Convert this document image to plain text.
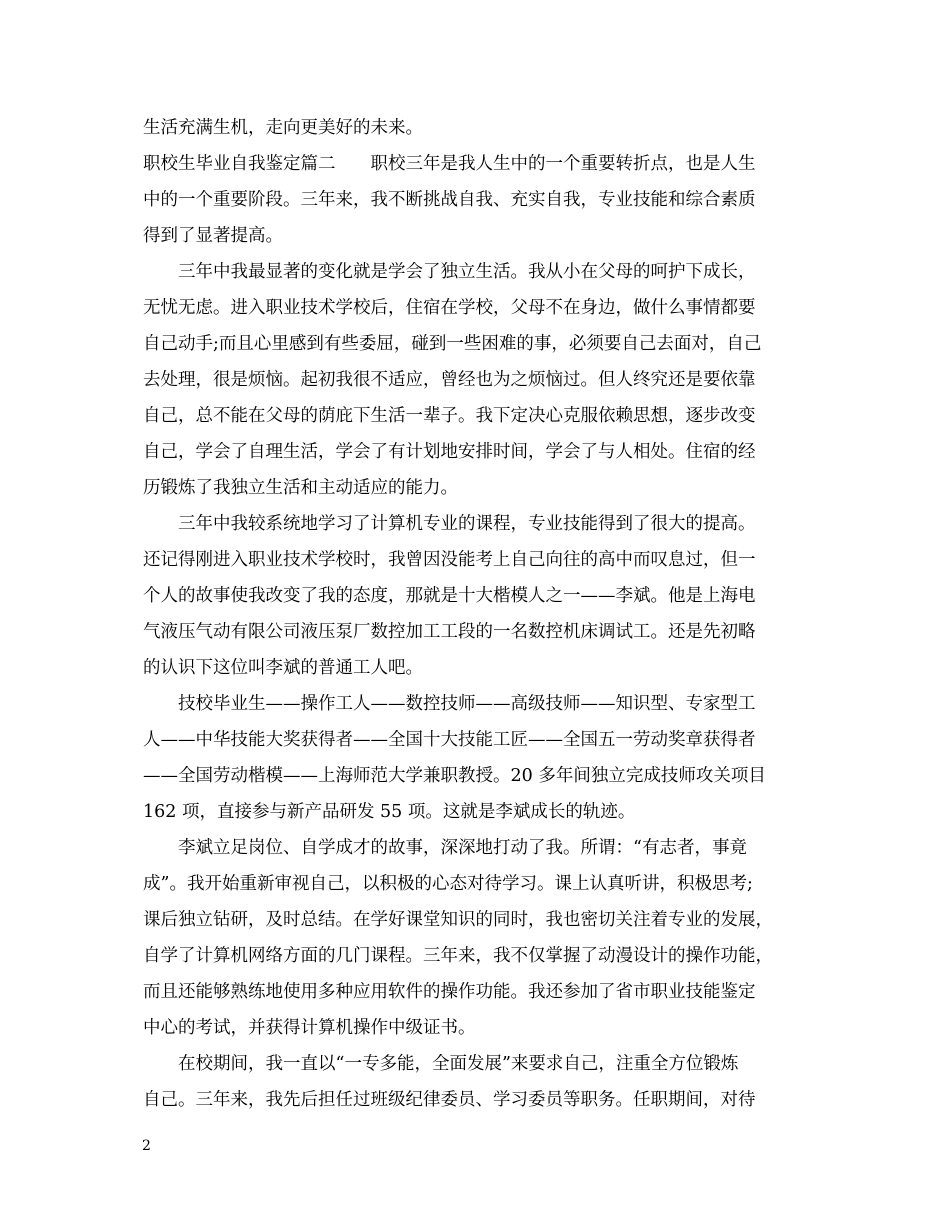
生活充满生机，走向更美好的未来。
职校生毕业自我鉴定篇二　　职校三年是我人生中的一个重要转折点，也是人生
中的一个重要阶段。三年来，我不断挑战自我、充实自我，专业技能和综合素质
得到了显著提高。
　　三年中我最显著的变化就是学会了独立生活。我从小在父母的呵护下成长，
无忧无虑。进入职业技术学校后，住宿在学校，父母不在身边，做什么事情都要
自己动手;而且心里感到有些委屈，碰到一些困难的事，必须要自己去面对，自己
去处理，很是烦恼。起初我很不适应，曾经也为之烦恼过。但人终究还是要依靠
自己，总不能在父母的荫庇下生活一辈子。我下定决心克服依赖思想，逐步改变
自己，学会了自理生活，学会了有计划地安排时间，学会了与人相处。住宿的经
历锻炼了我独立生活和主动适应的能力。
　　三年中我较系统地学习了计算机专业的课程，专业技能得到了很大的提高。
还记得刚进入职业技术学校时，我曾因没能考上自己向往的高中而叹息过，但一
个人的故事使我改变了我的态度，那就是十大楷模人之一——李斌。他是上海电
气液压气动有限公司液压泵厂数控加工工段的一名数控机床调试工。还是先初略
的认识下这位叫李斌的普通工人吧。
　　技校毕业生——操作工人——数控技师——高级技师——知识型、专家型工
人——中华技能大奖获得者——全国十大技能工匠——全国五一劳动奖章获得者
——全国劳动楷模——上海师范大学兼职教授。20 多年间独立完成技师攻关项目
162 项，直接参与新产品研发 55 项。这就是李斌成长的轨迹。
　　李斌立足岗位、自学成才的故事，深深地打动了我。所谓：“有志者，事竟
成”。我开始重新审视自己，以积极的心态对待学习。课上认真听讲，积极思考;
课后独立钻研，及时总结。在学好课堂知识的同时，我也密切关注着专业的发展，
自学了计算机网络方面的几门课程。三年来，我不仅掌握了动漫设计的操作功能，
而且还能够熟练地使用多种应用软件的操作功能。我还参加了省市职业技能鉴定
中心的考试，并获得计算机操作中级证书。
　　在校期间，我一直以“一专多能，全面发展”来要求自己，注重全方位锻炼
自己。三年来，我先后担任过班级纪律委员、学习委员等职务。任职期间，对待
2
